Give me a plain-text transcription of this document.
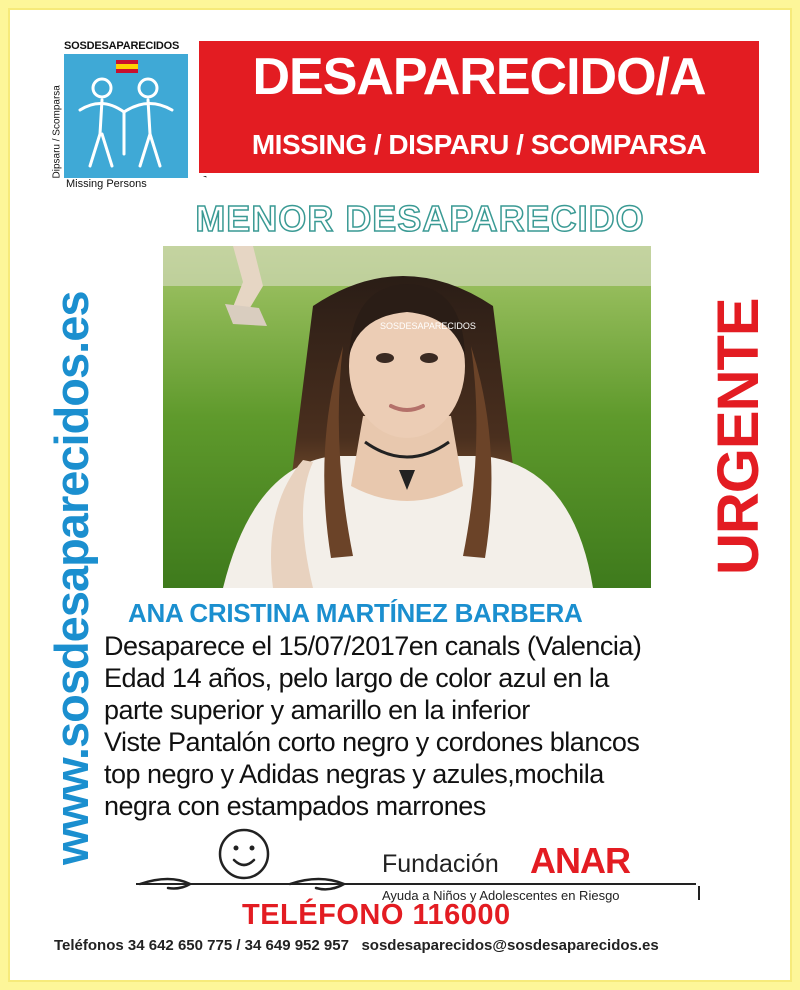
SOSDESAPARECIDOS
Dipsaru / Scomparsa
Missing Persons
DESAPARECIDO/A
MISSING / DISPARU / SCOMPARSA
www.sosdesaparecidos.es
MENOR DESAPARECIDO
SOSDESAPARECIDOS	URGENTE
ANA CRISTINA MARTÍNEZ BARBERA
Desaparece el 15/07/2017en canals (Valencia)
Edad 14 años, pelo largo de color azul en la
parte superior y amarillo en la inferior
Viste Pantalón corto negro y cordones blancos
top negro y Adidas negras y azules,mochila
negra con estampados marrones
Fundación ANAR
Ayuda a Niños y Adolescentes en Riesgo
TELÉFONO 116000
Teléfonos 34 642 650 775 / 34 649 952 957 sosdesaparecidos@sosdesaparecidos.es
